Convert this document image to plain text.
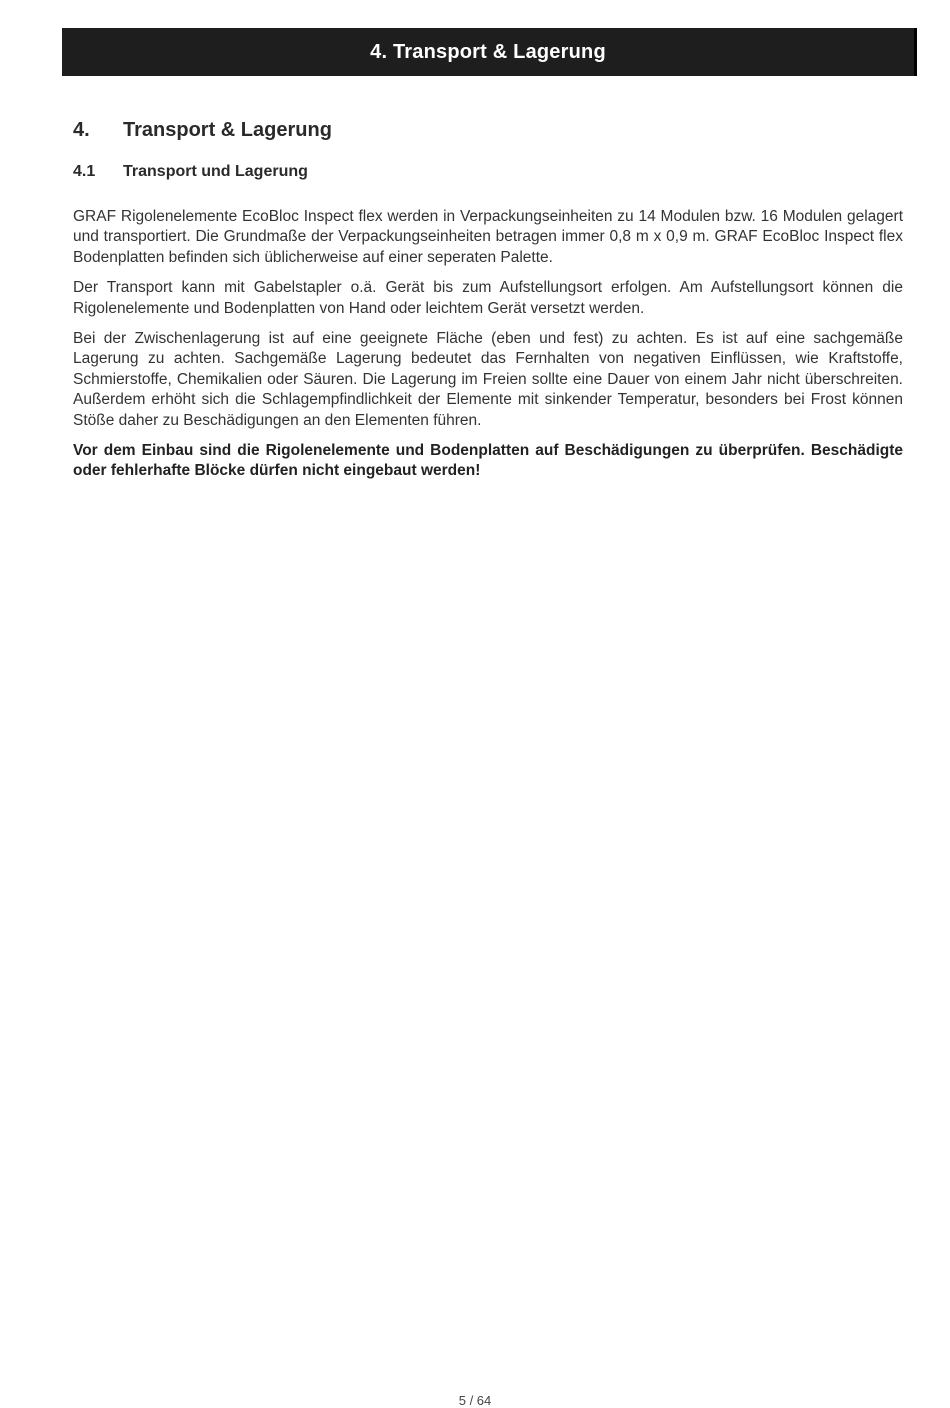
4. Transport & Lagerung
4.	Transport & Lagerung
4.1	Transport und Lagerung

GRAF Rigolenelemente EcoBloc Inspect flex werden in Verpackungseinheiten zu 14 Modulen bzw. 16 Modulen gelagert und transportiert. Die Grundmaße der Verpackungseinheiten betragen immer 0,8 m x 0,9 m. GRAF EcoBloc Inspect flex Bodenplatten befinden sich üblicherweise auf einer seperaten Palette.

Der Transport kann mit Gabelstapler o.ä. Gerät bis zum Aufstellungsort erfolgen. Am Aufstellungsort können die Rigolenelemente und Bodenplatten von Hand oder leichtem Gerät versetzt werden.

Bei der Zwischenlagerung ist auf eine geeignete Fläche (eben und fest) zu achten. Es ist auf eine sachgemäße Lagerung zu achten. Sachgemäße Lagerung bedeutet das Fernhalten von negativen Einflüssen, wie Kraftstoffe, Schmierstoffe, Chemikalien oder Säuren. Die Lagerung im Freien sollte eine Dauer von einem Jahr nicht überschreiten. Außerdem erhöht sich die Schlagempfindlichkeit der Elemente mit sinkender Temperatur, besonders bei Frost können Stöße daher zu Beschädigungen an den Elementen führen.

Vor dem Einbau sind die Rigolenelemente und Bodenplatten auf Beschädigungen zu überprüfen. Beschädigte oder fehlerhafte Blöcke dürfen nicht eingebaut werden!

5 / 64
